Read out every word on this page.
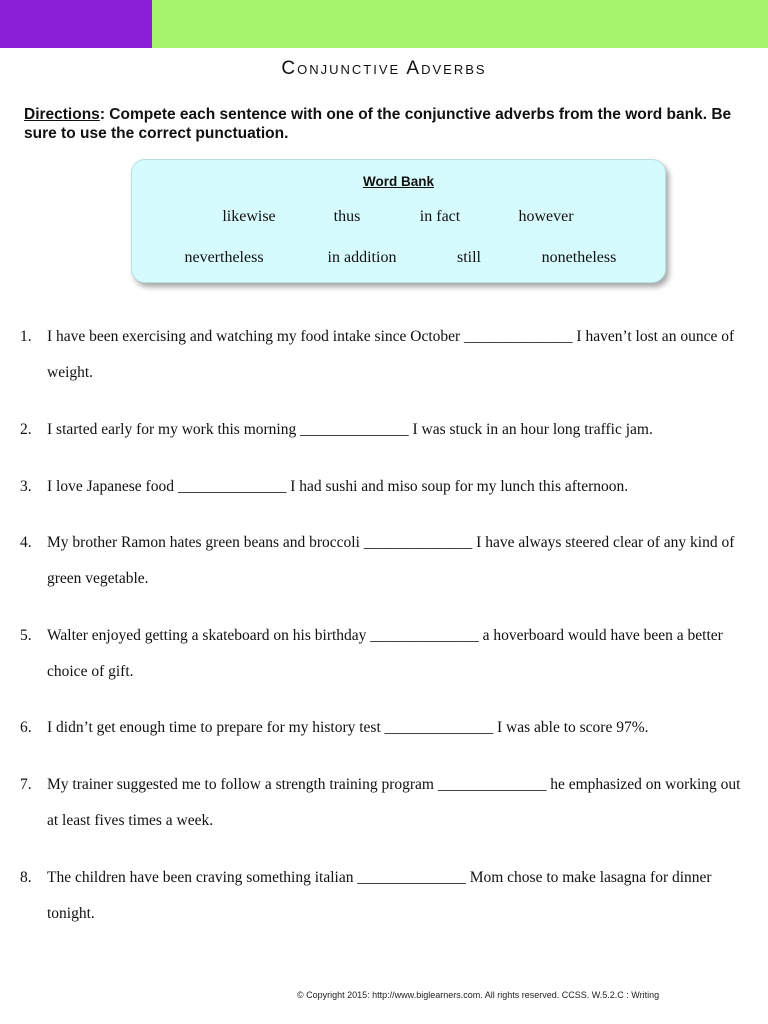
Conjunctive Adverbs
Directions: Compete each sentence with one of the conjunctive adverbs from the word bank. Be sure to use the correct punctuation.
Word Bank
likewise	thus	in fact	however
nevertheless	in addition	still	nonetheless
1. I have been exercising and watching my food intake since October ______________ I haven’t lost an ounce of weight.
2. I started early for my work this morning ______________ I was stuck in an hour long traffic jam.
3. I love Japanese food ______________ I had sushi and miso soup for my lunch this afternoon.
4. My brother Ramon hates green beans and broccoli ______________ I have always steered clear of any kind of green vegetable.
5. Walter enjoyed getting a skateboard on his birthday ______________ a hoverboard would have been a better choice of gift.
6. I didn’t get enough time to prepare for my history test ______________ I was able to score 97%.
7. My trainer suggested me to follow a strength training program ______________ he emphasized on working out at least fives times a week.
8. The children have been craving something italian ______________ Mom chose to make lasagna for dinner tonight.
© Copyright 2015: http://www.biglearners.com. All rights reserved. CCSS. W.5.2.C : Writing
